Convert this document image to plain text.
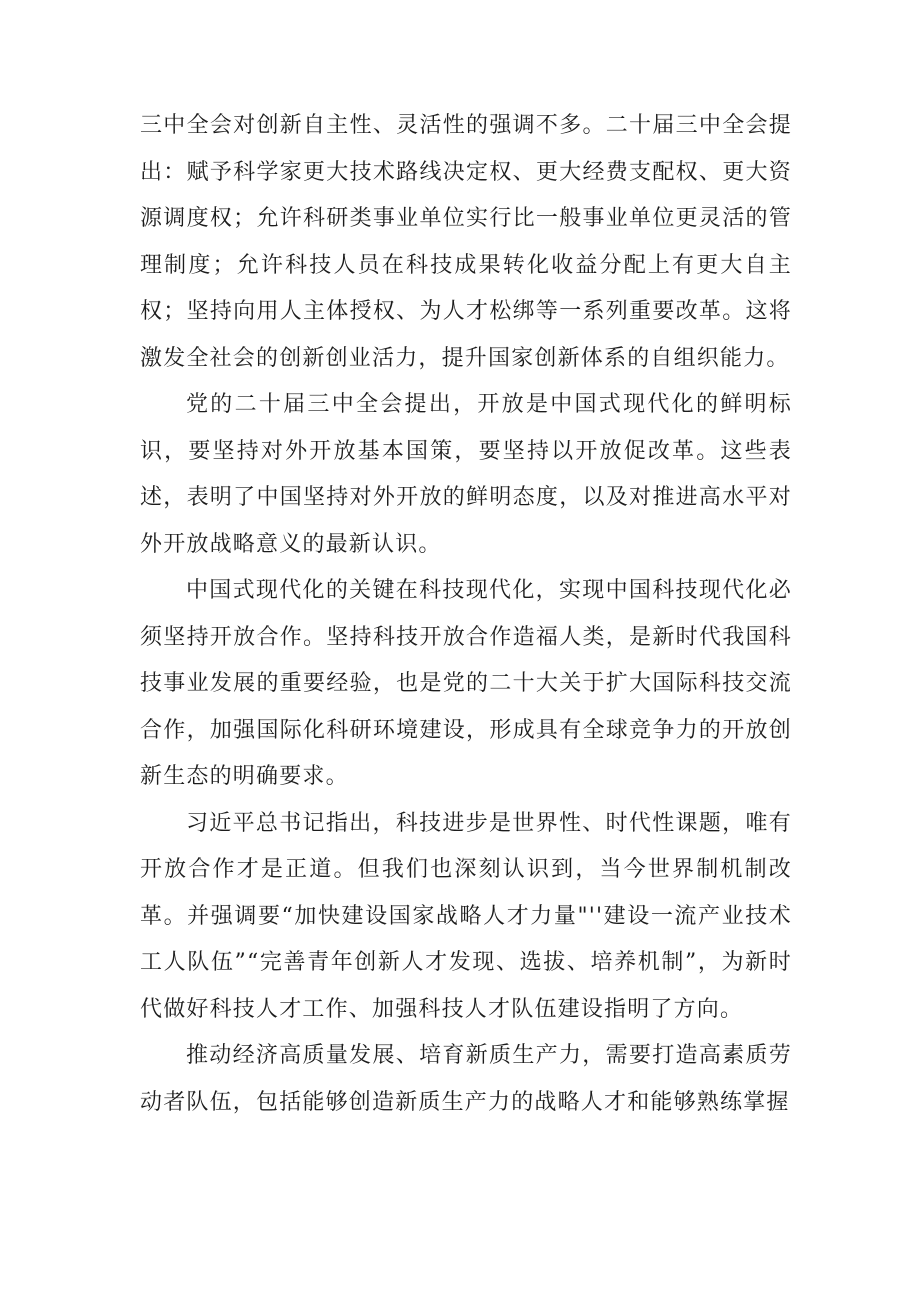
三中全会对创新自主性、灵活性的强调不多。二十届三中全会提出：赋予科学家更大技术路线决定权、更大经费支配权、更大资源调度权；允许科研类事业单位实行比一般事业单位更灵活的管理制度；允许科技人员在科技成果转化收益分配上有更大自主权；坚持向用人主体授权、为人才松绑等一系列重要改革。这将激发全社会的创新创业活力，提升国家创新体系的自组织能力。

党的二十届三中全会提出，开放是中国式现代化的鲜明标识，要坚持对外开放基本国策，要坚持以开放促改革。这些表述，表明了中国坚持对外开放的鲜明态度，以及对推进高水平对外开放战略意义的最新认识。

中国式现代化的关键在科技现代化，实现中国科技现代化必须坚持开放合作。坚持科技开放合作造福人类，是新时代我国科技事业发展的重要经验，也是党的二十大关于扩大国际科技交流合作，加强国际化科研环境建设，形成具有全球竞争力的开放创新生态的明确要求。

习近平总书记指出，科技进步是世界性、时代性课题，唯有开放合作才是正道。但我们也深刻认识到，当今世界制机制改革。并强调要“加快建设国家战略人才力量"''建设一流产业技术工人队伍”“完善青年创新人才发现、选拔、培养机制”，为新时代做好科技人才工作、加强科技人才队伍建设指明了方向。

推动经济高质量发展、培育新质生产力，需要打造高素质劳动者队伍，包括能够创造新质生产力的战略人才和能够熟练掌握
